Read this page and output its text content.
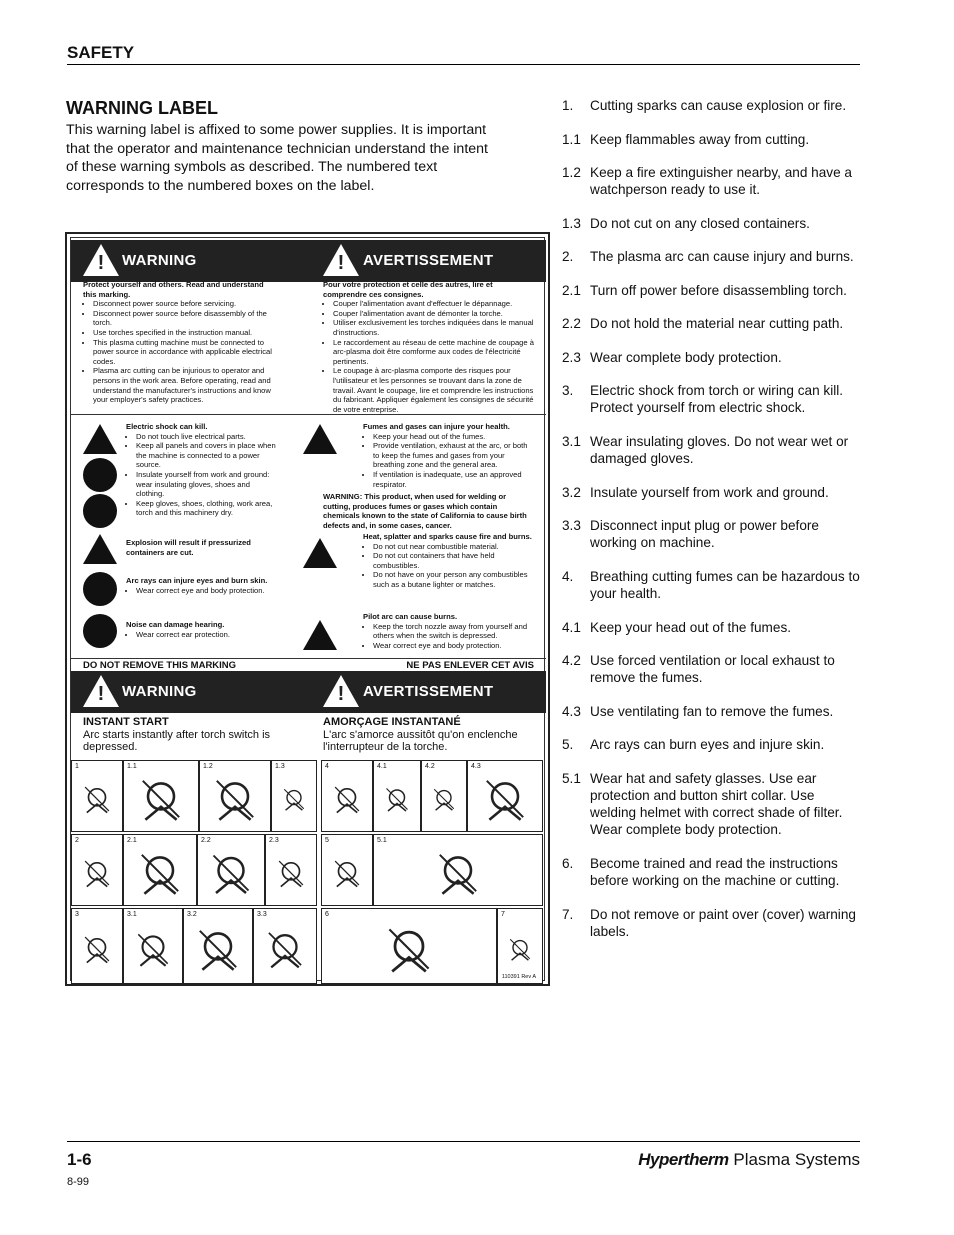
SAFETY
WARNING LABEL
This warning label is affixed to some power supplies. It is important that the operator and maintenance technician understand the intent of these warning symbols as described. The numbered text corresponds to the numbered boxes on the label.
1. Cutting sparks can cause explosion or fire.
1.1 Keep flammables away from cutting.
1.2 Keep a fire extinguisher nearby, and have a watchperson ready to use it.
1.3 Do not cut on any closed containers.
2. The plasma arc can cause injury and burns.
2.1 Turn off power before disassembling torch.
2.2 Do not hold the material near cutting path.
2.3 Wear complete body protection.
3. Electric shock from torch or wiring can kill. Protect yourself from electric shock.
3.1 Wear insulating gloves. Do not wear wet or damaged gloves.
3.2 Insulate yourself from work and ground.
3.3 Disconnect input plug or power before working on machine.
4. Breathing cutting fumes can be hazardous to your health.
4.1 Keep your head out of the fumes.
4.2 Use forced ventilation or local exhaust to remove the fumes.
4.3 Use ventilating fan to remove the fumes.
5. Arc rays can burn eyes and injure skin.
5.1 Wear hat and safety glasses. Use ear protection and button shirt collar. Use welding helmet with correct shade of filter. Wear complete body protection.
6. Become trained and read the instructions before working on the machine or cutting.
7. Do not remove or paint over (cover) warning labels.
!	WARNING	!	AVERTISSEMENT
Protect yourself and others. Read and understand this marking.
• Disconnect power source before servicing.
• Disconnect power source before disassembly of the torch.
• Use torches specified in the instruction manual.
• This plasma cutting machine must be connected to power source in accordance with applicable electrical codes.
• Plasma arc cutting can be injurious to operator and persons in the work area. Before operating, read and understand the manufacturer's instructions and know your employer's safety practices.
Pour votre protection et celle des autres, lire et comprendre ces consignes.
• Couper l'alimentation avant d'effectuer le dépannage.
• Couper l'alimentation avant de démonter la torche.
• Utiliser exclusivement les torches indiquées dans le manual d'instructions.
• Le raccordement au réseau de cette machine de coupage à arc-plasma doit être comforme aux codes de l'électricité pertinents.
• Le coupage à arc-plasma comporte des risques pour l'utilisateur et les personnes se trouvant dans la zone de travail. Avant le coupage, lire et comprendre les instructions du fabricant. Appliquer également les consignes de sécurité de votre entreprise.
Electric shock can kill.
• Do not touch live electrical parts.
• Keep all panels and covers in place when the machine is connected to a power source.
• Insulate yourself from work and ground: wear insulating gloves, shoes and clothing.
• Keep gloves, shoes, clothing, work area, torch and this machinery dry.
Explosion will result if pressurized containers are cut.
Arc rays can injure eyes and burn skin.
• Wear correct eye and body protection.
Noise can damage hearing.
• Wear correct ear protection.
Fumes and gases can injure your health.
• Keep your head out of the fumes.
• Provide ventilation, exhaust at the arc, or both to keep the fumes and gases from your breathing zone and the general area.
• If ventilation is inadequate, use an approved respirator.
WARNING: This product, when used for welding or cutting, produces fumes or gases which contain chemicals known to the state of California to cause birth defects and, in some cases, cancer.
Heat, splatter and sparks cause fire and burns.
• Do not cut near combustible material.
• Do not cut containers that have held combustibles.
• Do not have on your person any combustibles such as a butane lighter or matches.
Pilot arc can cause burns.
• Keep the torch nozzle away from yourself and others when the switch is depressed.
• Wear correct eye and body protection.
DO NOT REMOVE THIS MARKING	NE PAS ENLEVER CET AVIS
!	WARNING	!	AVERTISSEMENT
INSTANT START
Arc starts instantly after torch switch is depressed.
AMORÇAGE INSTANTANÉ
L'arc s'amorce aussitôt qu'on enclenche l'interrupteur de la torche.
1	1.1	1.2	1.3	4	4.1	4.2	4.3
2	2.1	2.2	2.3	5	5.1
3	3.1	3.2	3.3	6	7
110391 Rev A
1-6
8-99
Hypertherm Plasma Systems
